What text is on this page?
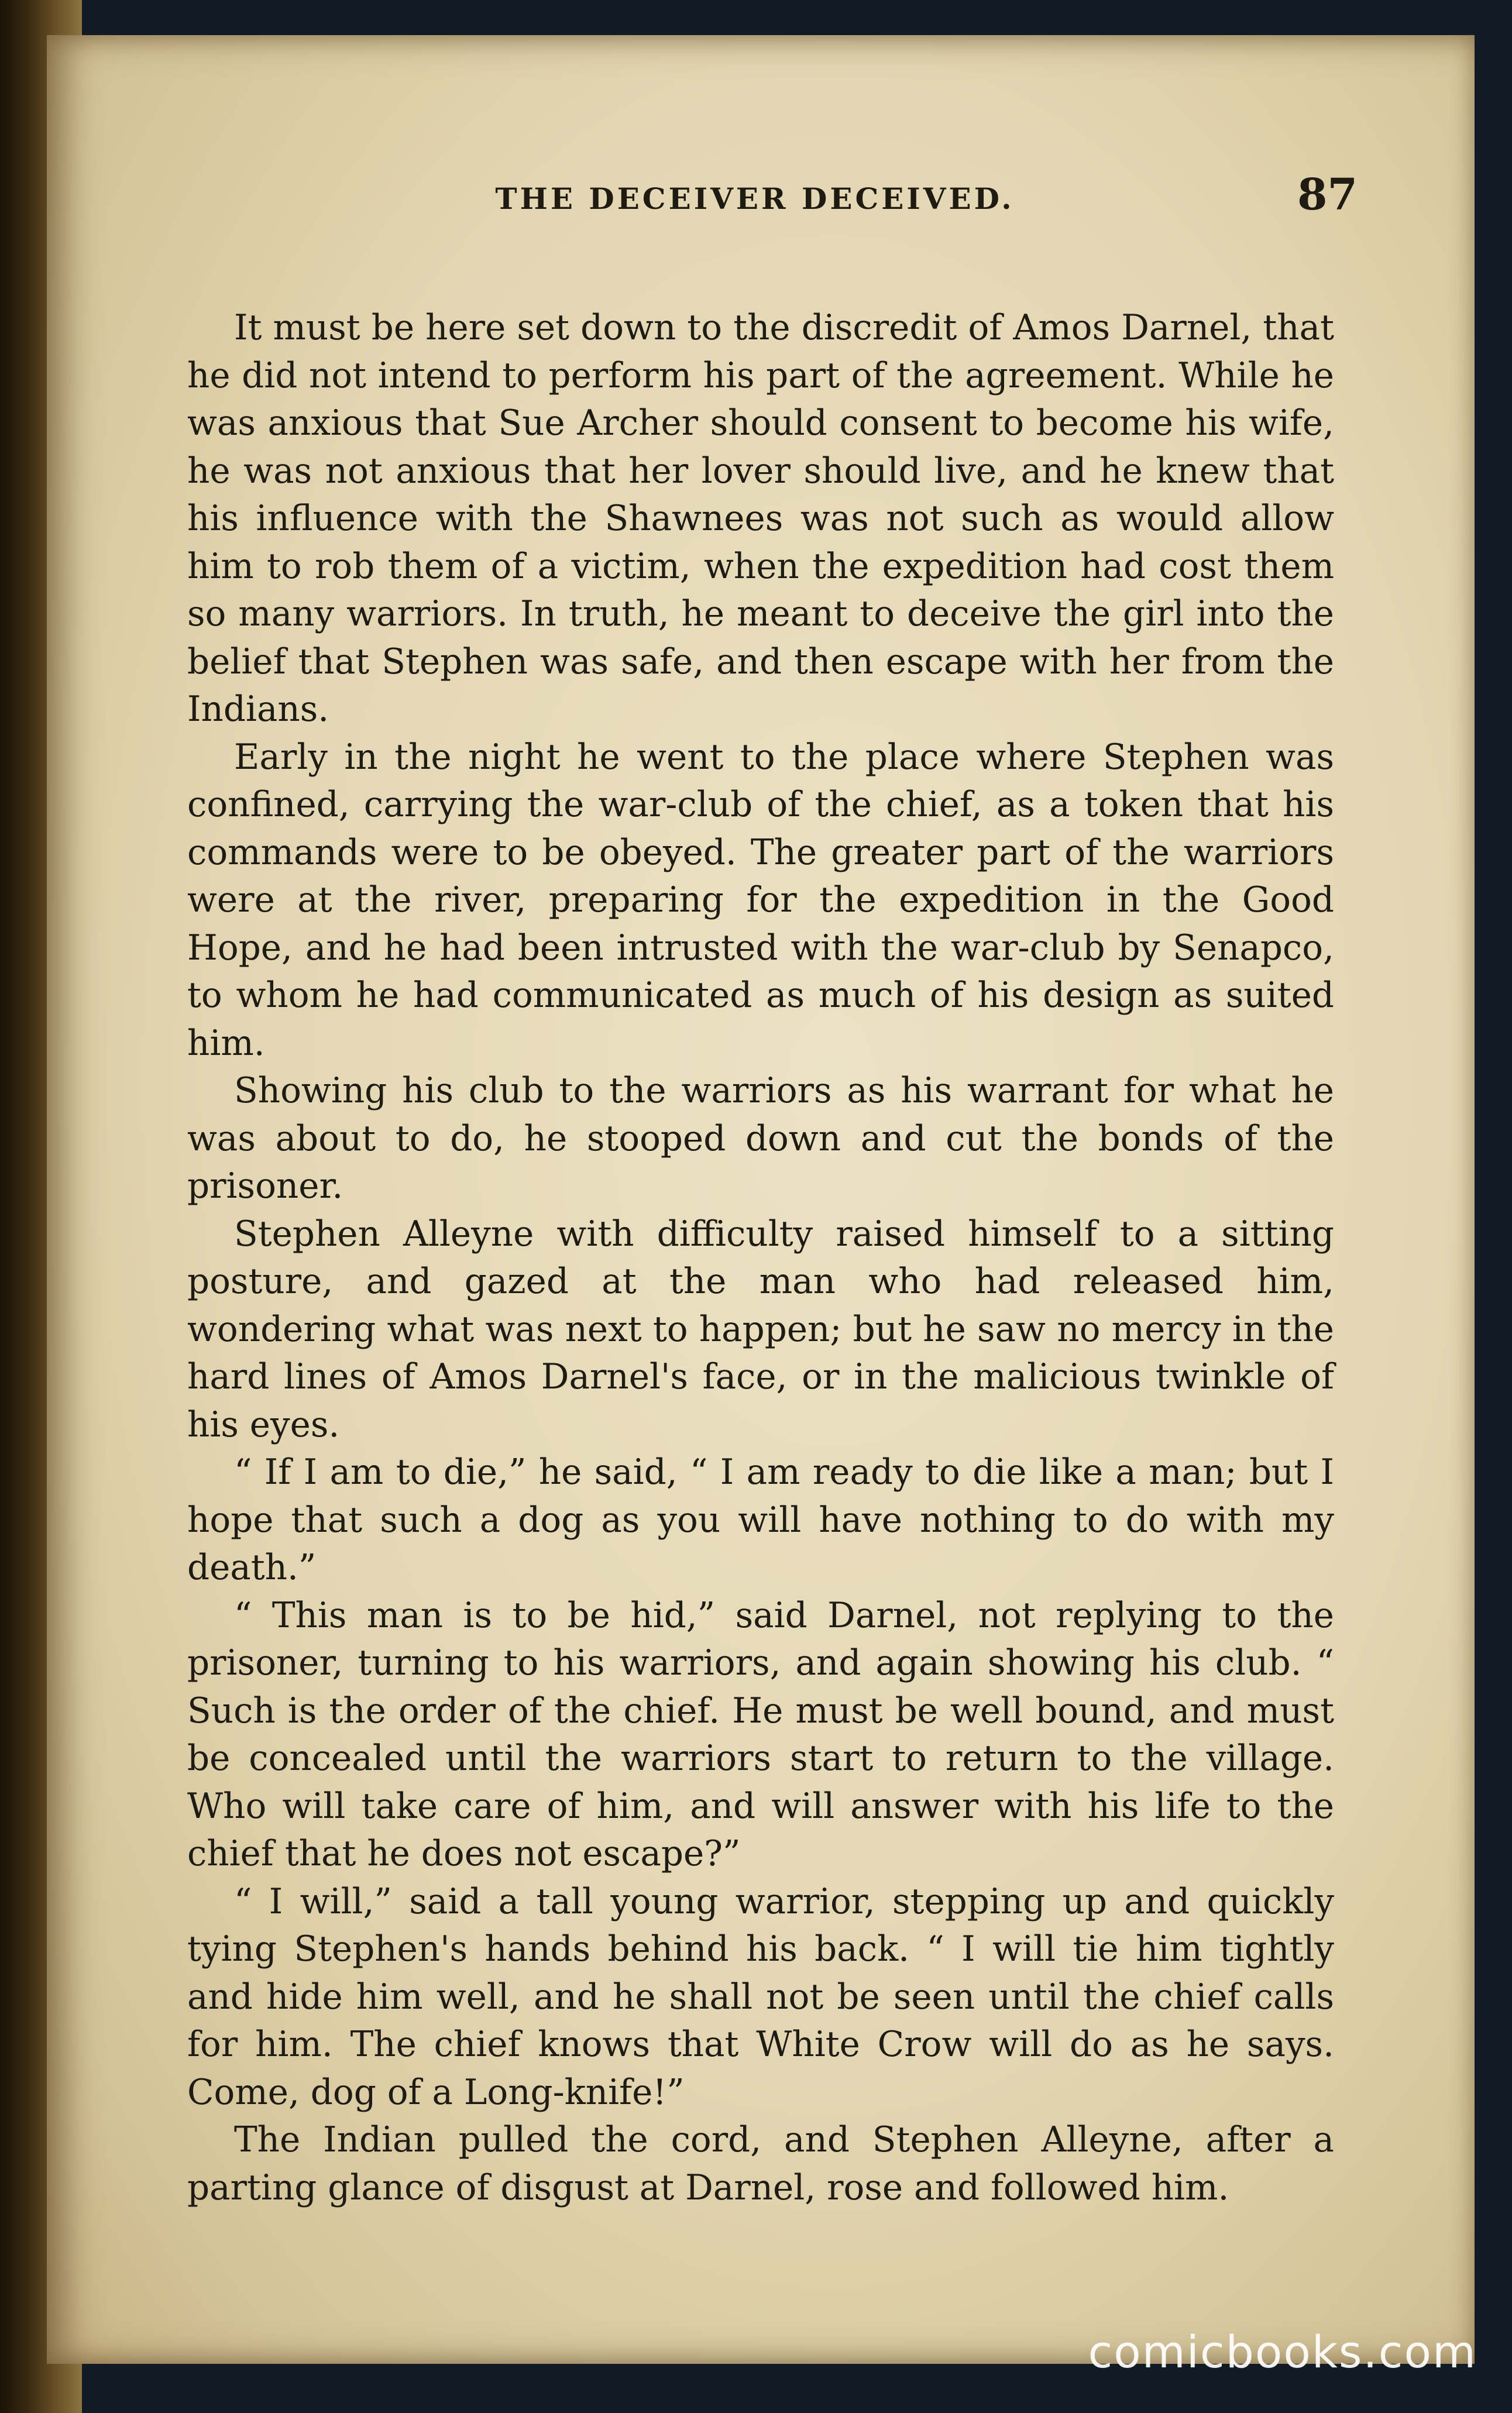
THE DECEIVER DECEIVED.	87

It must be here set down to the discredit of Amos Darnel, that he did not intend to perform his part of the agreement. While he was anxious that Sue Archer should consent to become his wife, he was not anxious that her lover should live, and he knew that his influence with the Shawnees was not such as would allow him to rob them of a victim, when the expedition had cost them so many warriors. In truth, he meant to deceive the girl into the belief that Stephen was safe, and then escape with her from the Indians.

Early in the night he went to the place where Stephen was confined, carrying the war-club of the chief, as a token that his commands were to be obeyed. The greater part of the warriors were at the river, preparing for the expedition in the Good Hope, and he had been intrusted with the war-club by Senapco, to whom he had communicated as much of his design as suited him.

Showing his club to the warriors as his warrant for what he was about to do, he stooped down and cut the bonds of the prisoner.

Stephen Alleyne with difficulty raised himself to a sitting posture, and gazed at the man who had released him, wondering what was next to happen; but he saw no mercy in the hard lines of Amos Darnel's face, or in the malicious twinkle of his eyes.

“ If I am to die,” he said, “ I am ready to die like a man; but I hope that such a dog as you will have nothing to do with my death.”

“ This man is to be hid,” said Darnel, not replying to the prisoner, turning to his warriors, and again showing his club. “ Such is the order of the chief. He must be well bound, and must be concealed until the warriors start to return to the village. Who will take care of him, and will answer with his life to the chief that he does not escape?”

“ I will,” said a tall young warrior, stepping up and quickly tying Stephen's hands behind his back. “ I will tie him tightly and hide him well, and he shall not be seen until the chief calls for him. The chief knows that White Crow will do as he says. Come, dog of a Long-knife!”

The Indian pulled the cord, and Stephen Alleyne, after a parting glance of disgust at Darnel, rose and followed him.

comicbooks.com
